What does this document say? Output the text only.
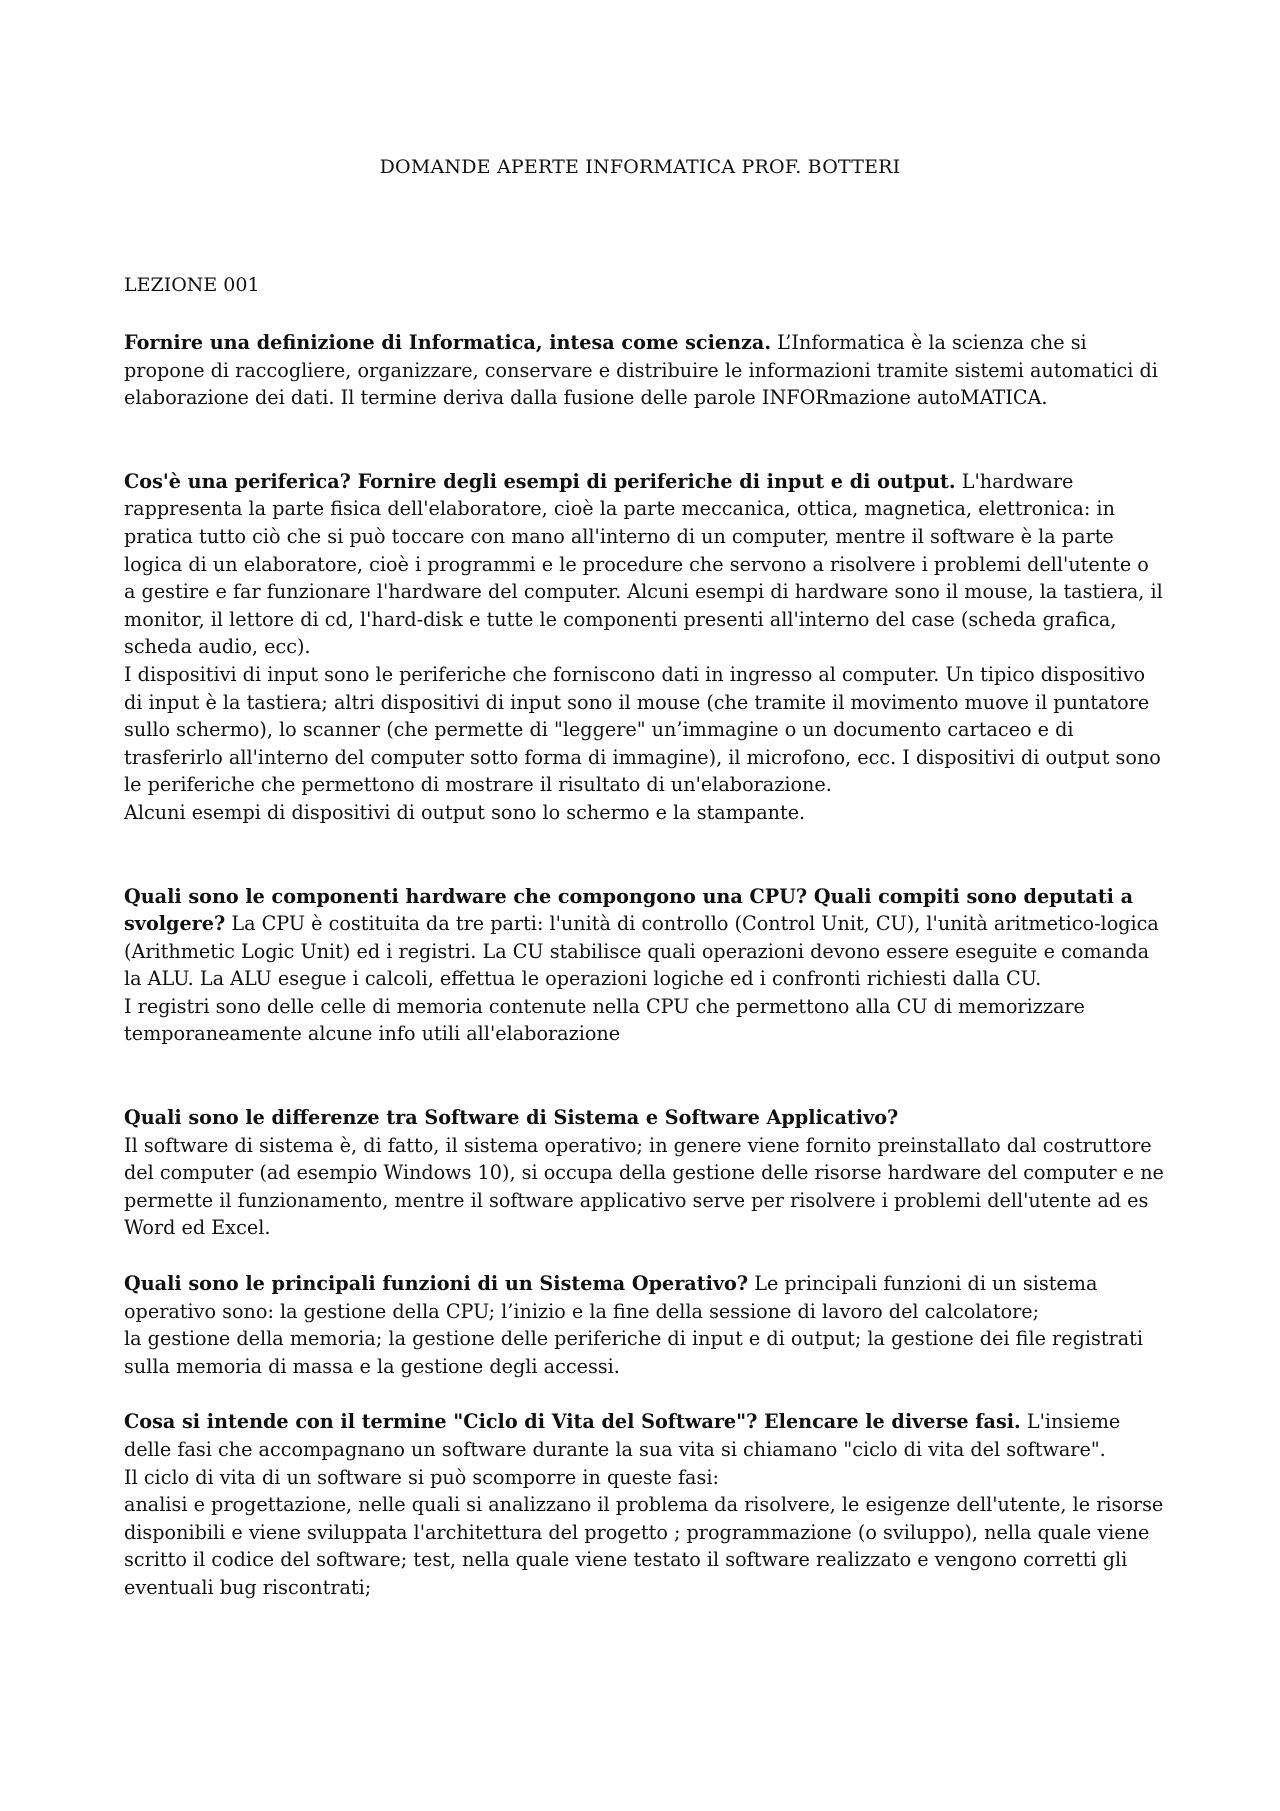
DOMANDE APERTE INFORMATICA PROF. BOTTERI
LEZIONE 001

Fornire una definizione di Informatica, intesa come scienza. L’Informatica è la scienza che si propone di raccogliere, organizzare, conservare e distribuire le informazioni tramite sistemi automatici di elaborazione dei dati. Il termine deriva dalla fusione delle parole INFORmazione autoMATICA.

Cos'è una periferica? Fornire degli esempi di periferiche di input e di output. L'hardware rappresenta la parte fisica dell'elaboratore, cioè la parte meccanica, ottica, magnetica, elettronica: in pratica tutto ciò che si può toccare con mano all'interno di un computer, mentre il software è la parte logica di un elaboratore, cioè i programmi e le procedure che servono a risolvere i problemi dell'utente o a gestire e far funzionare l'hardware del computer. Alcuni esempi di hardware sono il mouse, la tastiera, il monitor, il lettore di cd, l'hard-disk e tutte le componenti presenti all'interno del case (scheda grafica, scheda audio, ecc).

I dispositivi di input sono le periferiche che forniscono dati in ingresso al computer. Un tipico dispositivo di input è la tastiera; altri dispositivi di input sono il mouse (che tramite il movimento muove il puntatore sullo schermo), lo scanner (che permette di "leggere" un’immagine o un documento cartaceo e di trasferirlo all'interno del computer sotto forma di immagine), il microfono, ecc. I dispositivi di output sono le periferiche che permettono di mostrare il risultato di un'elaborazione.

Alcuni esempi di dispositivi di output sono lo schermo e la stampante.

Quali sono le componenti hardware che compongono una CPU? Quali compiti sono deputati a svolgere? La CPU è costituita da tre parti: l'unità di controllo (Control Unit, CU), l'unità aritmetico-logica (Arithmetic Logic Unit) ed i registri. La CU stabilisce quali operazioni devono essere eseguite e comanda la ALU. La ALU esegue i calcoli, effettua le operazioni logiche ed i confronti richiesti dalla CU.

I registri sono delle celle di memoria contenute nella CPU che permettono alla CU di memorizzare temporaneamente alcune info utili all'elaborazione

Quali sono le differenze tra Software di Sistema e Software Applicativo?

Il software di sistema è, di fatto, il sistema operativo; in genere viene fornito preinstallato dal costruttore del computer (ad esempio Windows 10), si occupa della gestione delle risorse hardware del computer e ne permette il funzionamento, mentre il software applicativo serve per risolvere i problemi dell'utente ad es Word ed Excel.

Quali sono le principali funzioni di un Sistema Operativo? Le principali funzioni di un sistema operativo sono: la gestione della CPU; l’inizio e la fine della sessione di lavoro del calcolatore;

la gestione della memoria; la gestione delle periferiche di input e di output; la gestione dei file registrati sulla memoria di massa e la gestione degli accessi.

Cosa si intende con il termine "Ciclo di Vita del Software"? Elencare le diverse fasi. L'insieme delle fasi che accompagnano un software durante la sua vita si chiamano "ciclo di vita del software".

Il ciclo di vita di un software si può scomporre in queste fasi:

analisi e progettazione, nelle quali si analizzano il problema da risolvere, le esigenze dell'utente, le risorse disponibili e viene sviluppata l'architettura del progetto ; programmazione (o sviluppo), nella quale viene scritto il codice del software; test, nella quale viene testato il software realizzato e vengono corretti gli eventuali bug riscontrati;
